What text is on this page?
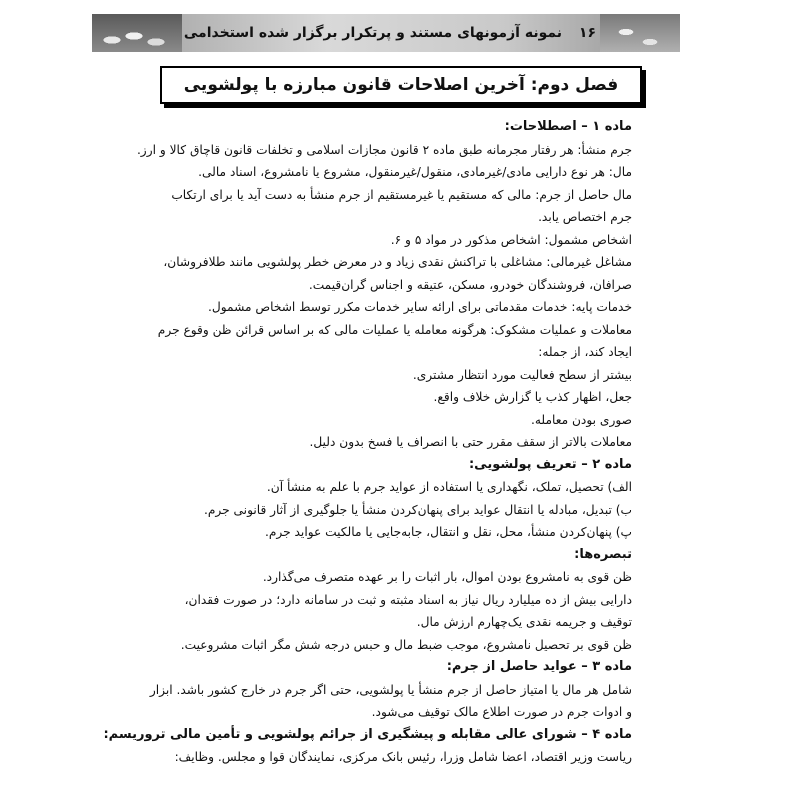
نمونه آزمونهای مستند و پرتکرار برگزار شده استخدامی ۱۶
فصل دوم: آخرین اصلاحات قانون مبارزه با پولشویی
ماده ۱ – اصطلاحات:
جرم منشأ: هر رفتار مجرمانه طبق ماده ۲ قانون مجازات اسلامی و تخلفات قانون قاچاق کالا و ارز.
مال: هر نوع دارایی مادی/غیرمادی، منقول/غیرمنقول، مشروع یا نامشروع، اسناد مالی.
مال حاصل از جرم: مالی که مستقیم یا غیرمستقیم از جرم منشأ به دست آید یا برای ارتکاب
جرم اختصاص یابد.
اشخاص مشمول: اشخاص مذکور در مواد ۵ و ۶.
مشاغل غیرمالی: مشاغلی با تراکنش نقدی زیاد و در معرض خطر پولشویی مانند طلافروشان،
صرافان، فروشندگان خودرو، مسکن، عتیقه و اجناس گران‌قیمت.
خدمات پایه: خدمات مقدماتی برای ارائه سایر خدمات مکرر توسط اشخاص مشمول.
معاملات و عملیات مشکوک: هرگونه معامله یا عملیات مالی که بر اساس قرائن ظن وقوع جرم
ایجاد کند، از جمله:
بیشتر از سطح فعالیت مورد انتظار مشتری.
جعل، اظهار کذب یا گزارش خلاف واقع.
صوری بودن معامله.
معاملات بالاتر از سقف مقرر حتی با انصراف یا فسخ بدون دلیل.
ماده ۲ – تعریف پولشویی:
الف) تحصیل، تملک، نگهداری یا استفاده از عواید جرم با علم به منشأ آن.
ب) تبدیل، مبادله یا انتقال عواید برای پنهان‌کردن منشأ یا جلوگیری از آثار قانونی جرم.
پ) پنهان‌کردن منشأ، محل، نقل و انتقال، جابه‌جایی یا مالکیت عواید جرم.
تبصره‌ها:
ظن قوی به نامشروع بودن اموال، بار اثبات را بر عهده متصرف می‌گذارد.
دارایی بیش از ده میلیارد ریال نیاز به اسناد مثبته و ثبت در سامانه دارد؛ در صورت فقدان،
توقیف و جریمه نقدی یک‌چهارم ارزش مال.
ظن قوی بر تحصیل نامشروع، موجب ضبط مال و حبس درجه شش مگر اثبات مشروعیت.
ماده ۳ – عواید حاصل از جرم:
شامل هر مال یا امتیاز حاصل از جرم منشأ یا پولشویی، حتی اگر جرم در خارج کشور باشد. ابزار
و ادوات جرم در صورت اطلاع مالک توقیف می‌شود.
ماده ۴ – شورای عالی مقابله و پیشگیری از جرائم پولشویی و تأمین مالی تروریسم:
ریاست وزیر اقتصاد، اعضا شامل وزرا، رئیس بانک مرکزی، نمایندگان قوا و مجلس. وظایف:
